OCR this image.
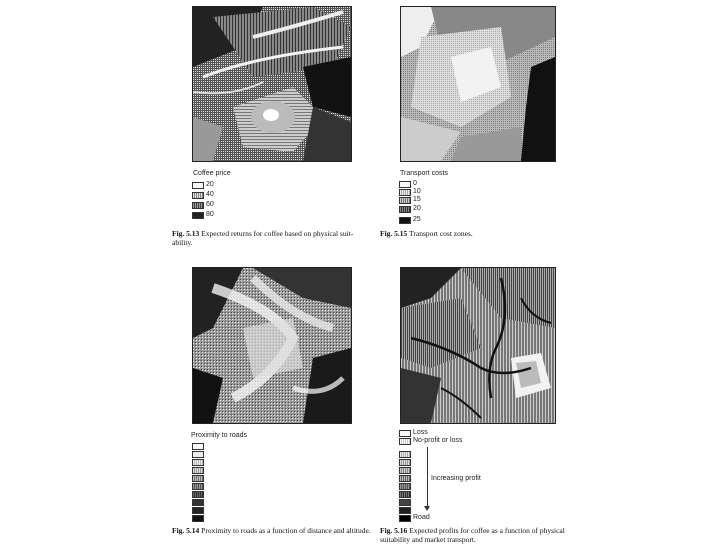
Coffee price
20
40
60
80
Fig. 5.13 Expected returns for coffee based on physical suit-ability.
Transport costs
0
10
15
20
25
Fig. 5.15 Transport cost zones.
Proximity to roads
Fig. 5.14 Proximity to roads as a function of distance and altitude.
Loss
No-profit or loss
Road
Increasing profit
Fig. 5.16 Expected profits for coffee as a function of physical suitability and market transport.
